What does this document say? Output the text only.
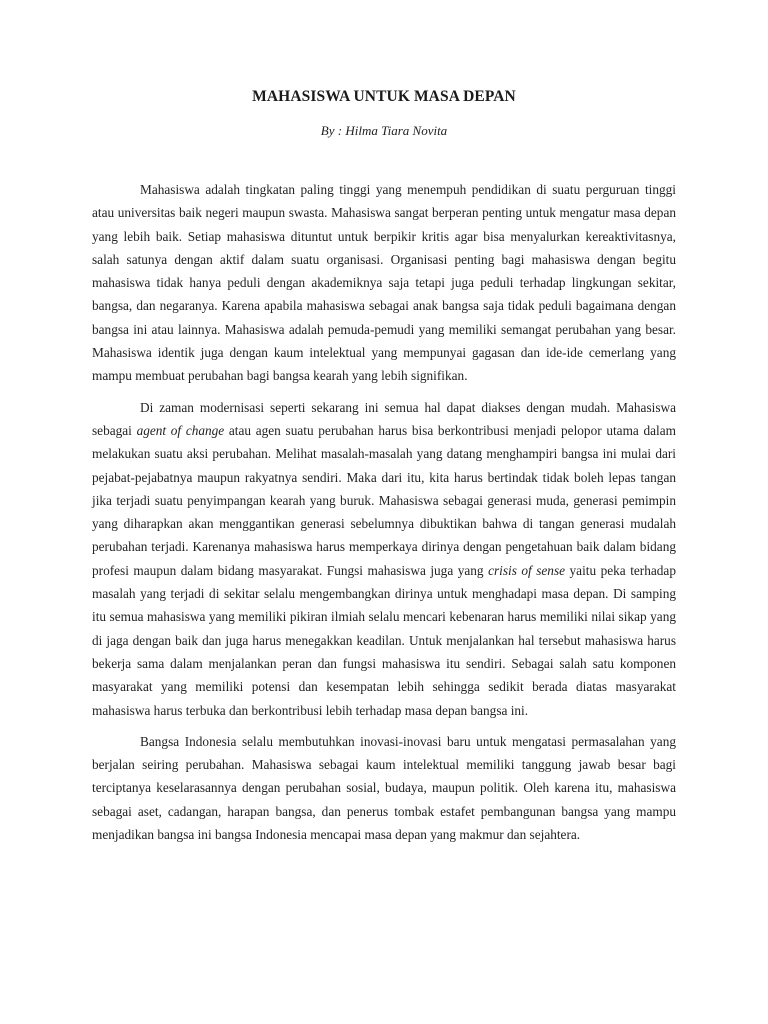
MAHASISWA UNTUK MASA DEPAN
By : Hilma Tiara Novita

Mahasiswa adalah tingkatan paling tinggi yang menempuh pendidikan di suatu perguruan tinggi atau universitas baik negeri maupun swasta. Mahasiswa sangat berperan penting untuk mengatur masa depan yang lebih baik. Setiap mahasiswa dituntut untuk berpikir kritis agar bisa menyalurkan kereaktivitasnya, salah satunya dengan aktif dalam suatu organisasi. Organisasi penting bagi mahasiswa dengan begitu mahasiswa tidak hanya peduli dengan akademiknya saja tetapi juga peduli terhadap lingkungan sekitar, bangsa, dan negaranya. Karena apabila mahasiswa sebagai anak bangsa saja tidak peduli bagaimana dengan bangsa ini atau lainnya. Mahasiswa adalah pemuda-pemudi yang memiliki semangat perubahan yang besar. Mahasiswa identik juga dengan kaum intelektual yang mempunyai gagasan dan ide-ide cemerlang yang mampu membuat perubahan bagi bangsa kearah yang lebih signifikan.

Di zaman modernisasi seperti sekarang ini semua hal dapat diakses dengan mudah. Mahasiswa sebagai agent of change atau agen suatu perubahan harus bisa berkontribusi menjadi pelopor utama dalam melakukan suatu aksi perubahan. Melihat masalah-masalah yang datang menghampiri bangsa ini mulai dari pejabat-pejabatnya maupun rakyatnya sendiri. Maka dari itu, kita harus bertindak tidak boleh lepas tangan jika terjadi suatu penyimpangan kearah yang buruk. Mahasiswa sebagai generasi muda, generasi pemimpin yang diharapkan akan menggantikan generasi sebelumnya dibuktikan bahwa di tangan generasi mudalah perubahan terjadi. Karenanya mahasiswa harus memperkaya dirinya dengan pengetahuan baik dalam bidang profesi maupun dalam bidang masyarakat. Fungsi mahasiswa juga yang crisis of sense yaitu peka terhadap masalah yang terjadi di sekitar selalu mengembangkan dirinya untuk menghadapi masa depan. Di samping itu semua mahasiswa yang memiliki pikiran ilmiah selalu mencari kebenaran harus memiliki nilai sikap yang di jaga dengan baik dan juga harus menegakkan keadilan. Untuk menjalankan hal tersebut mahasiswa harus bekerja sama dalam menjalankan peran dan fungsi mahasiswa itu sendiri. Sebagai salah satu komponen masyarakat yang memiliki potensi dan kesempatan lebih sehingga sedikit berada diatas masyarakat mahasiswa harus terbuka dan berkontribusi lebih terhadap masa depan bangsa ini.

Bangsa Indonesia selalu membutuhkan inovasi-inovasi baru untuk mengatasi permasalahan yang berjalan seiring perubahan. Mahasiswa sebagai kaum intelektual memiliki tanggung jawab besar bagi terciptanya keselarasannya dengan perubahan sosial, budaya, maupun politik. Oleh karena itu, mahasiswa sebagai aset, cadangan, harapan bangsa, dan penerus tombak estafet pembangunan bangsa yang mampu menjadikan bangsa ini bangsa Indonesia mencapai masa depan yang makmur dan sejahtera.
